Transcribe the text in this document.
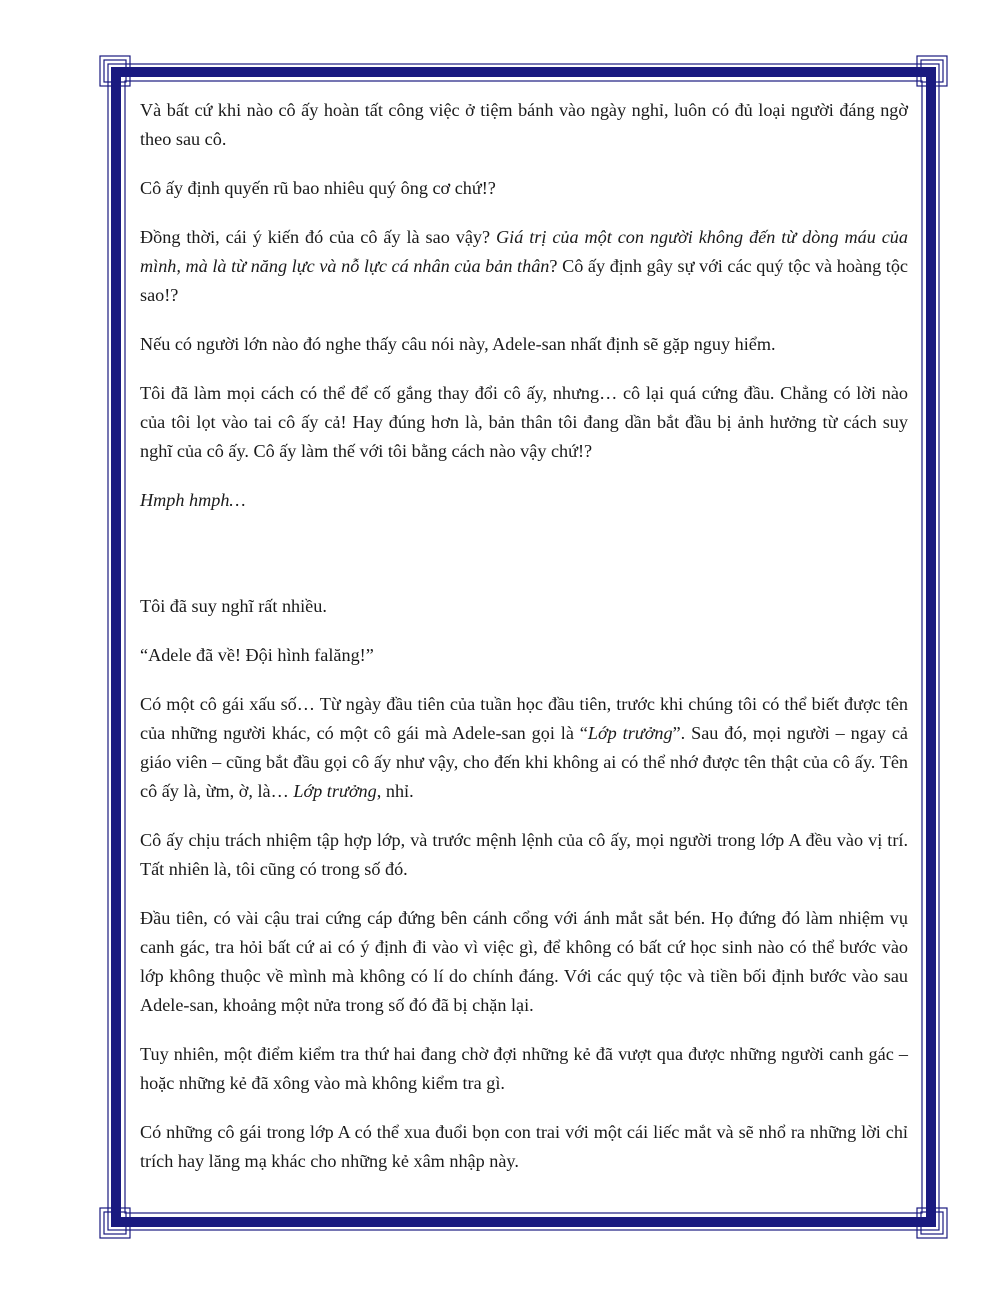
Và bất cứ khi nào cô ấy hoàn tất công việc ở tiệm bánh vào ngày nghỉ, luôn có đủ loại người đáng ngờ theo sau cô.

Cô ấy định quyến rũ bao nhiêu quý ông cơ chứ!?

Đồng thời, cái ý kiến đó của cô ấy là sao vậy? Giá trị của một con người không đến từ dòng máu của mình, mà là từ năng lực và nỗ lực cá nhân của bản thân? Cô ấy định gây sự với các quý tộc và hoàng tộc sao!?

Nếu có người lớn nào đó nghe thấy câu nói này, Adele-san nhất định sẽ gặp nguy hiểm.

Tôi đã làm mọi cách có thể để cố gắng thay đổi cô ấy, nhưng… cô lại quá cứng đầu. Chẳng có lời nào của tôi lọt vào tai cô ấy cả! Hay đúng hơn là, bản thân tôi đang dần bắt đầu bị ảnh hưởng từ cách suy nghĩ của cô ấy. Cô ấy làm thế với tôi bằng cách nào vậy chứ!?

Hmph hmph…

Tôi đã suy nghĩ rất nhiều.

“Adele đã về! Đội hình falăng!”

Có một cô gái xấu số… Từ ngày đầu tiên của tuần học đầu tiên, trước khi chúng tôi có thể biết được tên của những người khác, có một cô gái mà Adele-san gọi là “Lớp trưởng”. Sau đó, mọi người – ngay cả giáo viên – cũng bắt đầu gọi cô ấy như vậy, cho đến khi không ai có thể nhớ được tên thật của cô ấy. Tên cô ấy là, ừm, ờ, là… Lớp trưởng, nhỉ.

Cô ấy chịu trách nhiệm tập hợp lớp, và trước mệnh lệnh của cô ấy, mọi người trong lớp A đều vào vị trí. Tất nhiên là, tôi cũng có trong số đó.

Đầu tiên, có vài cậu trai cứng cáp đứng bên cánh cổng với ánh mắt sắt bén. Họ đứng đó làm nhiệm vụ canh gác, tra hỏi bất cứ ai có ý định đi vào vì việc gì, để không có bất cứ học sinh nào có thể bước vào lớp không thuộc về mình mà không có lí do chính đáng. Với các quý tộc và tiền bối định bước vào sau Adele-san, khoảng một nửa trong số đó đã bị chặn lại.

Tuy nhiên, một điểm kiểm tra thứ hai đang chờ đợi những kẻ đã vượt qua được những người canh gác – hoặc những kẻ đã xông vào mà không kiểm tra gì.

Có những cô gái trong lớp A có thể xua đuổi bọn con trai với một cái liếc mắt và sẽ nhổ ra những lời chỉ trích hay lăng mạ khác cho những kẻ xâm nhập này.
